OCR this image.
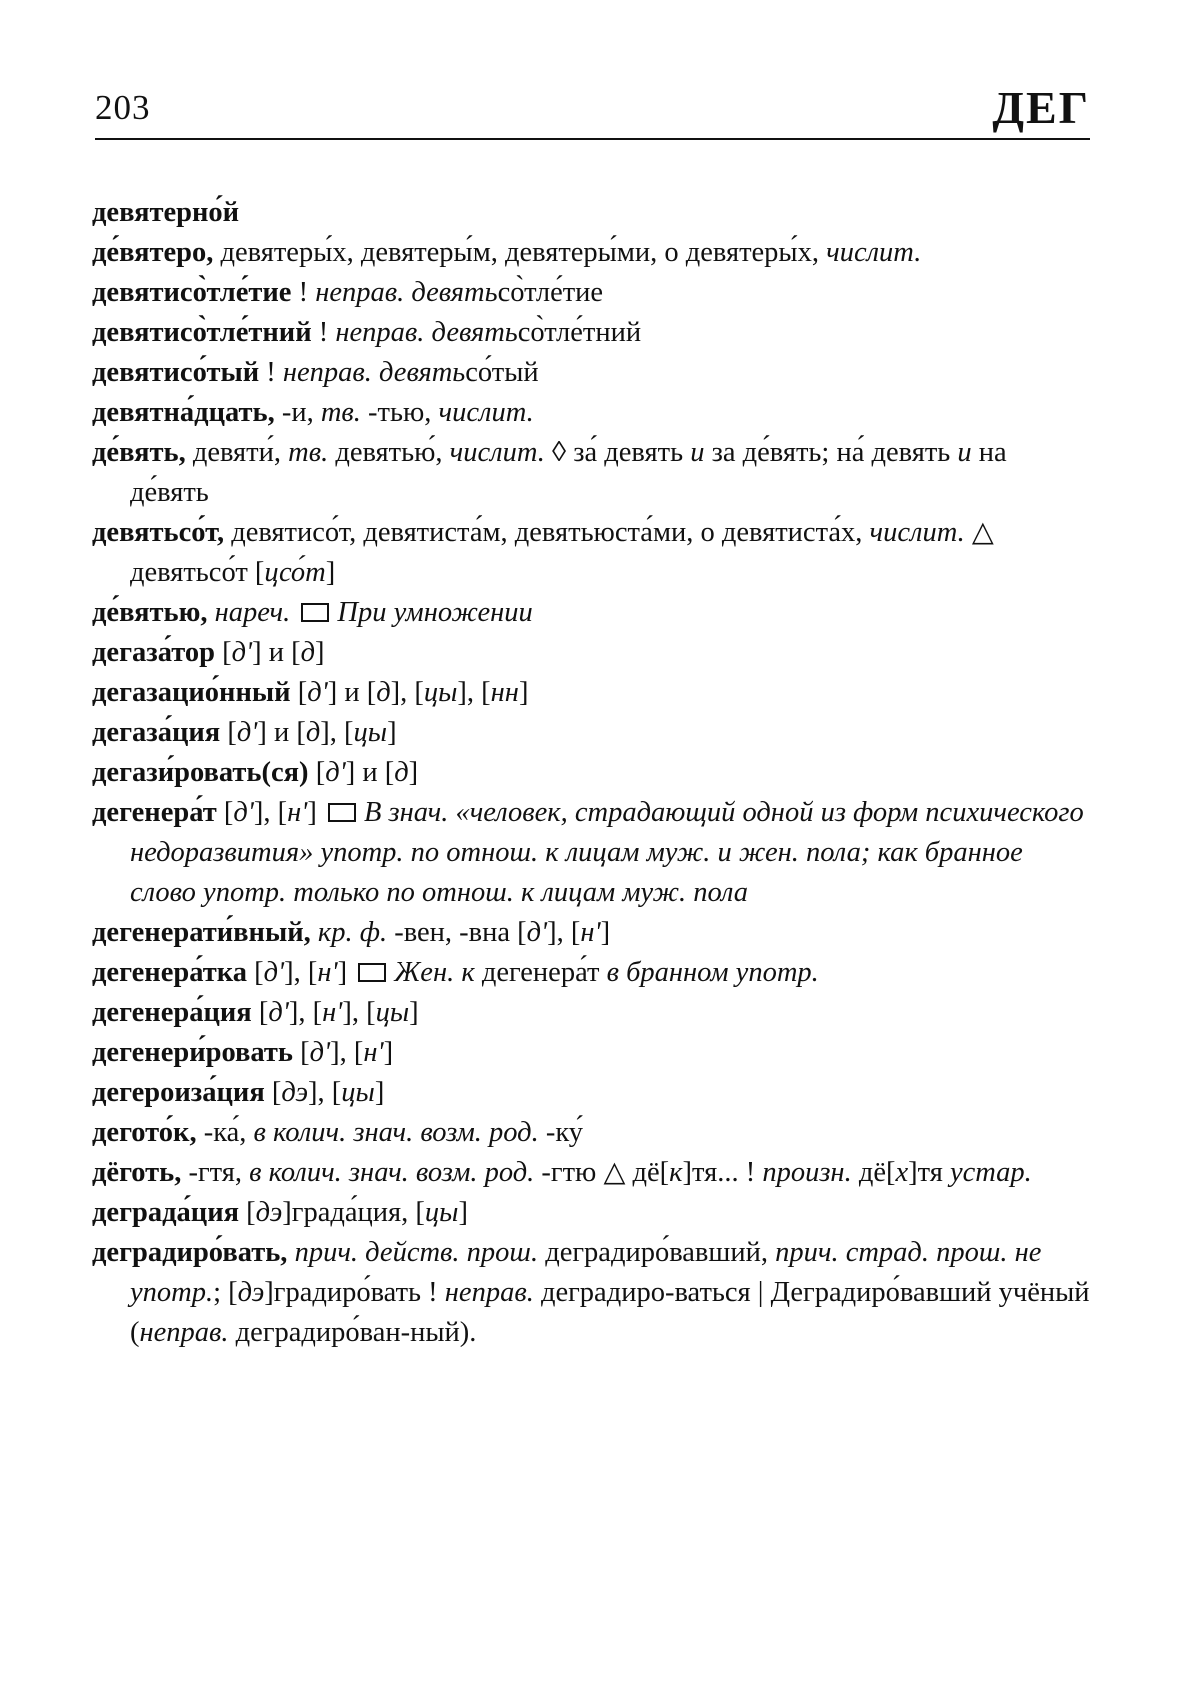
203	ДЕГ

девятерно́й

де́вятеро, девятеры́х, девятеры́м, девятеры́ми, о девятеры́х, числит.

девятисо̀тле́тие ! неправ. девятьсо̀тле́тие

девятисо̀тле́тний ! неправ. девятьсо̀тле́тний

девятисо́тый ! неправ. девятьсо́тый

девятна́дцать, -и, тв. -тью, числит.

де́вять, девяти́, тв. девятью́, числит. ◊ за́ девять и за де́вять; на́ девять и на де́вять

девятьсо́т, девятисо́т, девятиста́м, девятьюста́ми, о девятиста́х, числит. △ девятьсо́т [цсо́т]

де́вятью, нареч. При умножении

дегаза́тор [дʹ] и [д]

дегазацио́нный [дʹ] и [д], [цы], [нн]

дегаза́ция [дʹ] и [д], [цы]

дегази́ровать(ся) [дʹ] и [д]

дегенера́т [дʹ], [нʹ] В знач. «человек, страдающий одной из форм психического недоразвития» употр. по отнош. к лицам муж. и жен. пола; как бранное слово употр. только по отнош. к лицам муж. пола

дегенерати́вный, кр. ф. -вен, -вна [дʹ], [нʹ]

дегенера́тка [дʹ], [нʹ] Жен. к дегенера́т в бранном употр.

дегенера́ция [дʹ], [нʹ], [цы]

дегенери́ровать [дʹ], [нʹ]

дегероиза́ция [дэ], [цы]

дегото́к, -ка́, в колич. знач. возм. род. -ку́

дёготь, -гтя, в колич. знач. возм. род. -гтю △ дё[к]тя... ! произн. дё[х]тя устар.

деграда́ция [дэ]града́ция, [цы]

деградиро́вать, прич. действ. прош. деградиро́вавший, прич. страд. прош. не употр.; [дэ]градиро́вать ! неправ. деградиро-ваться | Деградиро́вавший учёный (неправ. деградиро́ван-ный).
